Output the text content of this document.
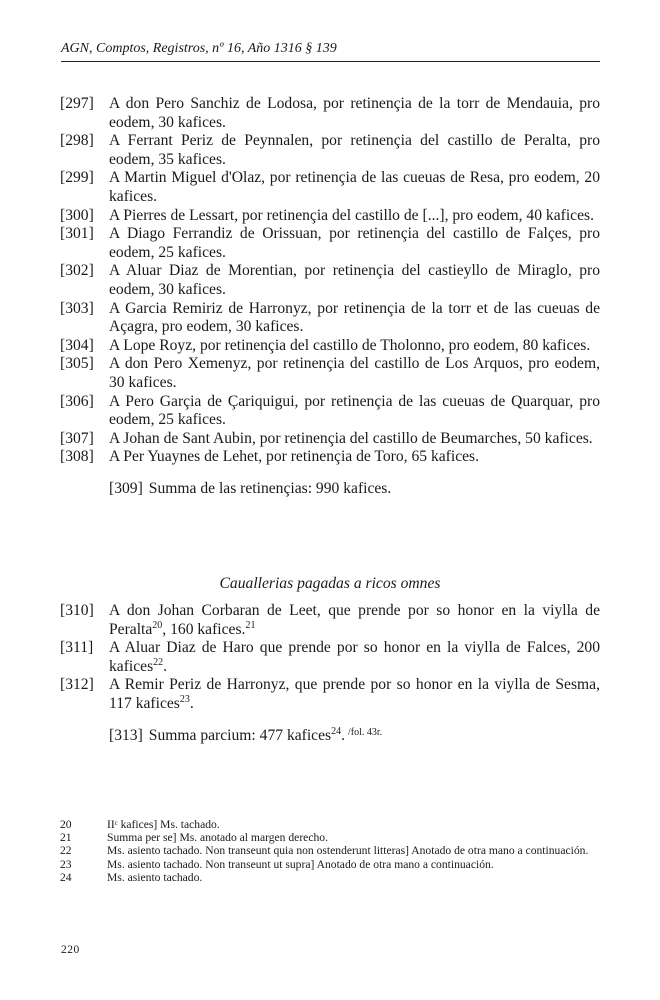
AGN, Comptos, Registros, nº 16, Año 1316 § 139
[297] A don Pero Sanchiz de Lodosa, por retinençia de la torr de Mendauia, pro eodem, 30 kafices.
[298] A Ferrant Periz de Peynnalen, por retinençia del castillo de Peralta, pro eodem, 35 kafices.
[299] A Martin Miguel d'Olaz, por retinençia de las cueuas de Resa, pro eodem, 20 kafices.
[300] A Pierres de Lessart, por retinençia del castillo de [...], pro eodem, 40 kafices.
[301] A Diago Ferrandiz de Orissuan, por retinençia del castillo de Falçes, pro eodem, 25 kafices.
[302] A Aluar Diaz de Morentian, por retinençia del castieyllo de Miraglo, pro eodem, 30 kafices.
[303] A Garcia Remiriz de Harronyz, por retinençia de la torr et de las cueuas de Açagra, pro eodem, 30 kafices.
[304] A Lope Royz, por retinençia del castillo de Tholonno, pro eodem, 80 kafices.
[305] A don Pero Xemenyz, por retinençia del castillo de Los Arquos, pro eodem, 30 kafices.
[306] A Pero Garçia de Çariquigui, por retinençia de las cueuas de Quarquar, pro eodem, 25 kafices.
[307] A Johan de Sant Aubin, por retinençia del castillo de Beumarches, 50 kafices.
[308] A Per Yuaynes de Lehet, por retinençia de Toro, 65 kafices.
[309] Summa de las retinençias: 990 kafices.
Caualleriаs pagadas a ricos omnes
[310] A don Johan Corbaran de Leet, que prende por so honor en la viylla de Peralta$^{20}$, 160 kafices.$^{21}$
[311] A Aluar Diaz de Haro que prende por so honor en la viylla de Falces, 200 kafices$^{22}$.
[312] A Remir Periz de Harronyz, que prende por so honor en la viylla de Sesma, 117 kafices$^{23}$.
[313] Summa parcium: 477 kafices$^{24}$. $^{/fol. 43r.}$
20	IIᶜ kafices] Ms. tachado.
21	Summa per se] Ms. anotado al margen derecho.
22	Ms. asiento tachado. Non transeunt quia non ostenderunt litteras] Anotado de otra mano a continuación.
23	Ms. asiento tachado. Non transeunt ut supra] Anotado de otra mano a continuación.
24	Ms. asiento tachado.
220
